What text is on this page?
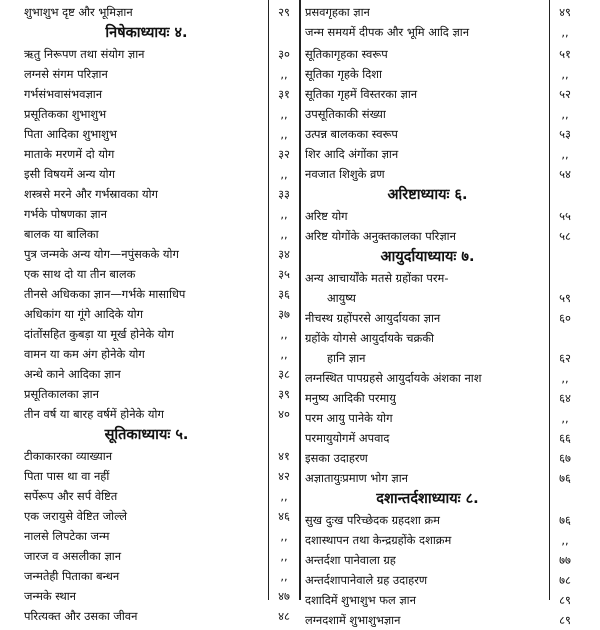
शुभाशुभ दृष्ट और भूमिज्ञान	२९
निषेकाध्यायः ४.
ऋतु निरूपण तथा संयोग ज्ञान	३०
लग्नसे संगम परिज्ञान	,,
गर्भसंभवासंभवज्ञान	३१
प्रसूतिकका शुभाशुभ	,,
पिता आदिका शुभाशुभ	,,
माताके मरणमें दो योग	३२
इसी विषयमें अन्य योग	,,
शस्त्रसे मरने और गर्भस्रावका योग	३३
गर्भके पोषणका ज्ञान	,,
बालक या बालिका	,,
पुत्र जन्मके अन्य योग—नपुंसकके योग	३४
एक साथ दो या तीन बालक	३५
तीनसे अधिकका ज्ञान—गर्भके मासाधिप	३६
अधिकांग या गूंगे आदिके योग	३७
दांतोंसहित कुबड़ा या मूर्ख होनेके योग	,,
वामन या कम अंग होनेके योग	,,
अन्धे काने आदिका ज्ञान	३८
प्रसूतिकालका ज्ञान	३९
तीन वर्ष या बारह वर्षमें होनेके योग	४०
सूतिकाध्यायः ५.
टीकाकारका व्याख्यान	४१
पिता पास था वा नहीं	४२
सर्पेरूप और सर्प वेष्टित	,,
एक जरायुसे वेष्टित जोल्ले	४६
नालसे लिपटेका जन्म	,,
जारज व असलीका ज्ञान	,,
जन्मतेही पिताका बन्धन	,,
जन्मके स्थान	४७
परित्यक्त और उसका जीवन	४८
प्रसवगृहका ज्ञान	४९
जन्म समयमें दीपक और भूमि आदि ज्ञान	,,
सूतिकागृहका स्वरूप	५१
सूतिका गृहके दिशा	,,
सूतिका गृहमें विस्तरका ज्ञान	५२
उपसूतिकाकी संख्या	,,
उत्पन्न बालकका स्वरूप	५३
शिर आदि अंगोंका ज्ञान	,,
नवजात शिशुके व्रण	५४
अरिष्टाध्यायः ६.
अरिष्ट योग	५५
अरिष्ट योगोंके अनुक्तकालका परिज्ञान	५८
आयुर्दायाध्यायः ७.
अन्य आचार्योंके मतसे ग्रहोंका परम-
आयुष्य	५९
नीचस्थ ग्रहोंपरसे आयुर्दायका ज्ञान	६०
ग्रहोंके योगसे आयुर्दायके चक्रकी
हानि ज्ञान	६२
लग्नस्थित पापग्रहसे आयुर्दायके अंशका नाश	,,
मनुष्य आदिकी परमायु	६४
परम आयु पानेके योग	,,
परमायुयोगमें अपवाद	६६
इसका उदाहरण	६७
अज्ञातायुःप्रमाण भोग ज्ञान	७६
दशान्तर्दशाध्यायः ८.
सुख दुःख परिच्छेदक ग्रहदशा क्रम	७६
दशास्थापन तथा केन्द्रग्रहोंके दशाक्रम	,,
अन्तर्दशा पानेवाला ग्रह	७७
अन्तर्दशापानेवाले ग्रह उदाहरण	७८
दशादिमें शुभाशुभ फल ज्ञान	८९
लग्नदशामें शुभाशुभज्ञान	८९
